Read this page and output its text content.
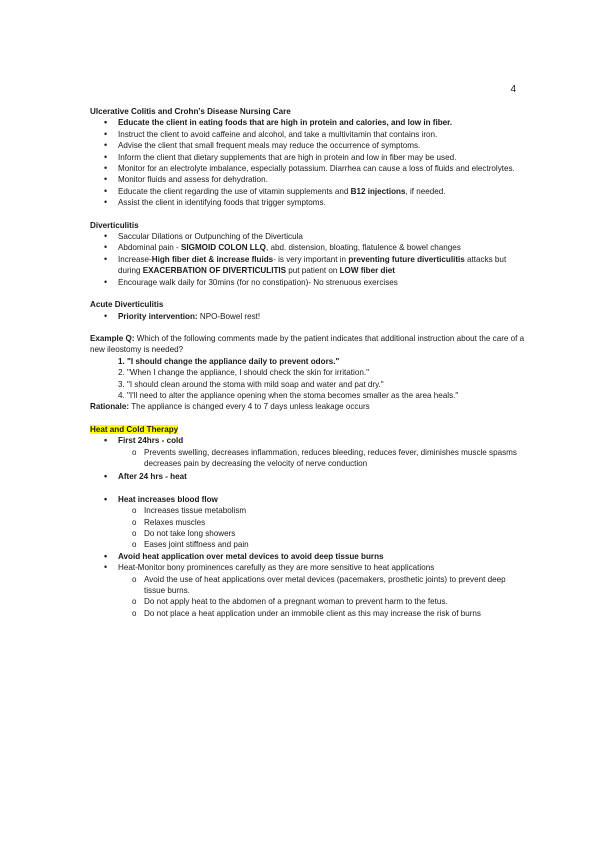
4

Ulcerative Colitis and Crohn’s Disease Nursing Care

• Educate the client in eating foods that are high in protein and calories, and low in fiber.
• Instruct the client to avoid caffeine and alcohol, and take a multivitamin that contains iron.
• Advise the client that small frequent meals may reduce the occurrence of symptoms.
• Inform the client that dietary supplements that are high in protein and low in fiber may be used.
• Monitor for an electrolyte imbalance, especially potassium. Diarrhea can cause a loss of fluids and electrolytes.
• Monitor fluids and assess for dehydration.
• Educate the client regarding the use of vitamin supplements and B12 injections, if needed.
• Assist the client in identifying foods that trigger symptoms.

Diverticulitis

• Saccular Dilations or Outpunching of the Diverticula
• Abdominal pain - SIGMOID COLON LLQ, abd. distension, bloating, flatulence & bowel changes
• Increase-High fiber diet & increase fluids- is very important in preventing future diverticulitis attacks but during EXACERBATION OF DIVERTICULITIS put patient on LOW fiber diet
• Encourage walk daily for 30mins (for no constipation)- No strenuous exercises

Acute Diverticulitis

• Priority intervention: NPO-Bowel rest!

Example Q: Which of the following comments made by the patient indicates that additional instruction about the care of a new ileostomy is needed?

1. "I should change the appliance daily to prevent odors."
2. "When I change the appliance, I should check the skin for irritation."
3. "I should clean around the stoma with mild soap and water and pat dry."
4. "I'll need to alter the appliance opening when the stoma becomes smaller as the area heals."

Rationale: The appliance is changed every 4 to 7 days unless leakage occurs

Heat and Cold Therapy

• First 24hrs - cold
o Prevents swelling, decreases inflammation, reduces bleeding, reduces fever, diminishes muscle spasms decreases pain by decreasing the velocity of nerve conduction
• After 24 hrs - heat
• Heat increases blood flow
o Increases tissue metabolism
o Relaxes muscles
o Do not take long showers
o Eases joint stiffness and pain
• Avoid heat application over metal devices to avoid deep tissue burns
• Heat-Monitor bony prominences carefully as they are more sensitive to heat applications
o Avoid the use of heat applications over metal devices (pacemakers, prosthetic joints) to prevent deep tissue burns.
o Do not apply heat to the abdomen of a pregnant woman to prevent harm to the fetus.
o Do not place a heat application under an immobile client as this may increase the risk of burns
